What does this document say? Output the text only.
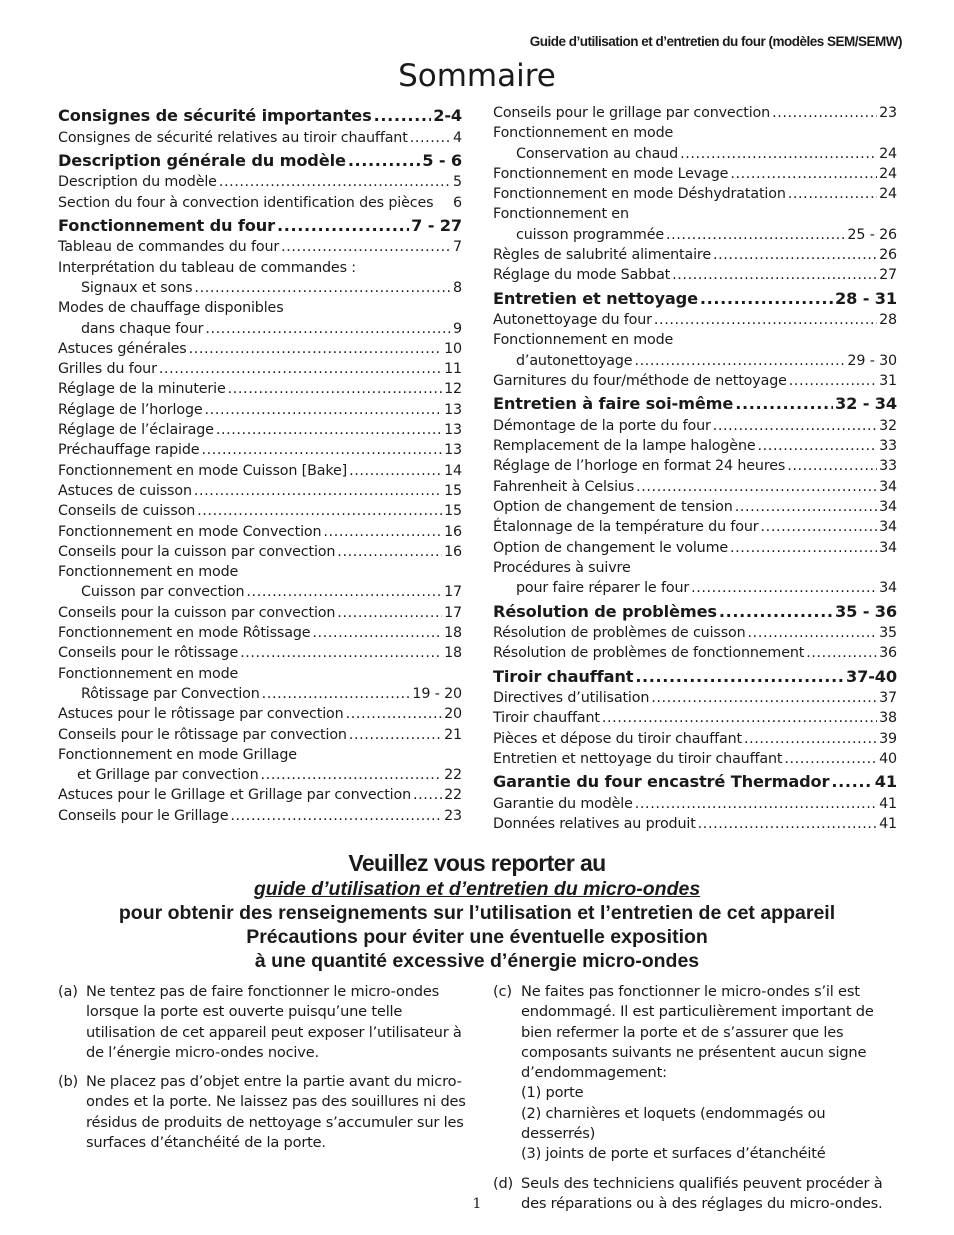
Guide d’utilisation et d’entretien du four (modèles SEM/SEMW)
Sommaire
Consignes de sécurité importantes .....	2-4
Consignes de sécurité relatives au tiroir chauffant .....	4
Description générale du modèle .....	5 - 6
Description du modèle .....	5
Section du four à convection identification des pièces 6
Fonctionnement du four .....	7 - 27
Tableau de commandes du four .....	7
Interprétation du tableau de commandes :
Signaux et sons .....	8
Modes de chauffage disponibles
dans chaque four .....	9
Astuces générales .....	10
Grilles du four .....	11
Réglage de la minuterie .....	12
Réglage de l’horloge .....	13
Réglage de l’éclairage .....	13
Préchauffage rapide .....	13
Fonctionnement en mode Cuisson [Bake] .....	14
Astuces de cuisson .....	15
Conseils de cuisson .....	15
Fonctionnement en mode Convection .....	16
Conseils pour la cuisson par convection .....	16
Fonctionnement en mode
Cuisson par convection .....	17
Conseils pour la cuisson par convection .....	17
Fonctionnement en mode Rôtissage .....	18
Conseils pour le rôtissage .....	18
Fonctionnement en mode
Rôtissage par Convection .....	19 - 20
Astuces pour le rôtissage par convection .....	20
Conseils pour le rôtissage par convection .....	21
Fonctionnement en mode Grillage
et Grillage par convection .....	22
Astuces pour le Grillage et Grillage par convection ..... 22
Conseils pour le Grillage .....	23
Conseils pour le grillage par convection .....	23
Fonctionnement en mode
Conservation au chaud .....	24
Fonctionnement en mode Levage .....	24
Fonctionnement en mode Déshydratation .....	24
Fonctionnement en
cuisson programmée .....	25 - 26
Règles de salubrité alimentaire .....	26
Réglage du mode Sabbat .....	27
Entretien et nettoyage .....	28 - 31
Autonettoyage du four .....	28
Fonctionnement en mode
d’autonettoyage .....	29 - 30
Garnitures du four/méthode de nettoyage .....	31
Entretien à faire soi-même .....	32 - 34
Démontage de la porte du four .....	32
Remplacement de la lampe halogène .....	33
Réglage de l’horloge en format 24 heures .....	33
Fahrenheit à Celsius .....	34
Option de changement de tension .....	34
Étalonnage de la température du four .....	34
Option de changement le volume .....	34
Procédures à suivre
pour faire réparer le four .....	34
Résolution de problèmes .....	35 - 36
Résolution de problèmes de cuisson .....	35
Résolution de problèmes de fonctionnement .....	36
Tiroir chauffant .....	37-40
Directives d’utilisation .....	37
Tiroir chauffant .....	38
Pièces et dépose du tiroir chauffant .....	39
Entretien et nettoyage du tiroir chauffant .....	40
Garantie du four encastré Thermador .....	41
Garantie du modèle .....	41
Données relatives au produit .....	41
Veuillez vous reporter au
guide d’utilisation et d’entretien du micro-ondes
pour obtenir des renseignements sur l’utilisation et l’entretien de cet appareil
Précautions pour éviter une éventuelle exposition
à une quantité excessive d’énergie micro-ondes
(a) Ne tentez pas de faire fonctionner le micro-ondes lorsque la porte est ouverte puisqu’une telle utilisation de cet appareil peut exposer l’utilisateur à de l’énergie micro-ondes nocive.
(b) Ne placez pas d’objet entre la partie avant du micro-ondes et la porte. Ne laissez pas des souillures ni des résidus de produits de nettoyage s’accumuler sur les surfaces d’étanchéité de la porte.
(c) Ne faites pas fonctionner le micro-ondes s’il est endommagé. Il est particulièrement important de bien refermer la porte et de s’assurer que les composants suivants ne présentent aucun signe d’endommagement:
(1) porte
(2) charnières et loquets (endommagés ou desserrés)
(3) joints de porte et surfaces d’étanchéité
(d) Seuls des techniciens qualifiés peuvent procéder à des réparations ou à des réglages du micro-ondes.
1
